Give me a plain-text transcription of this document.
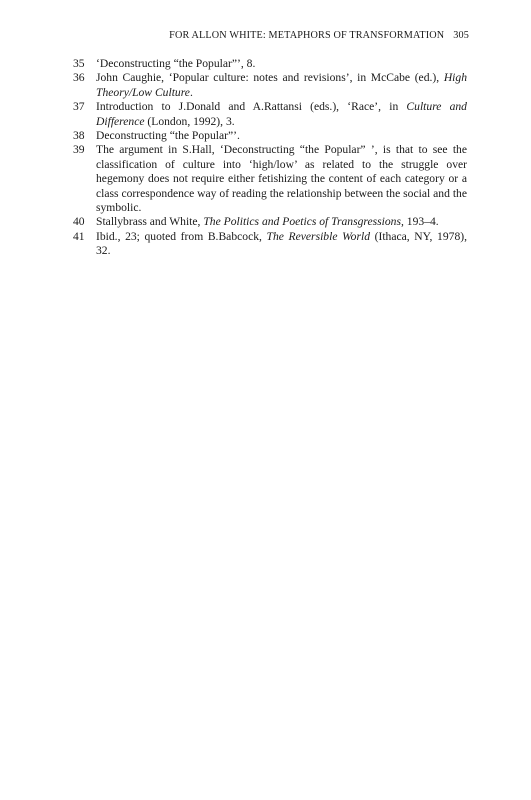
FOR ALLON WHITE: METAPHORS OF TRANSFORMATION 305
35 ‘Deconstructing “the Popular”’, 8.
36 John Caughie, ‘Popular culture: notes and revisions’, in McCabe (ed.), High Theory/Low Culture.
37 Introduction to J.Donald and A.Rattansi (eds.), ‘Race’, in Culture and Difference (London, 1992), 3.
38 Deconstructing “the Popular”’.
39 The argument in S.Hall, ‘Deconstructing “the Popular” ’, is that to see the classification of culture into ‘high/low’ as related to the struggle over hegemony does not require either fetishizing the content of each category or a class correspondence way of reading the relationship between the social and the symbolic.
40 Stallybrass and White, The Politics and Poetics of Transgressions, 193–4.
41 Ibid., 23; quoted from B.Babcock, The Reversible World (Ithaca, NY, 1978), 32.
